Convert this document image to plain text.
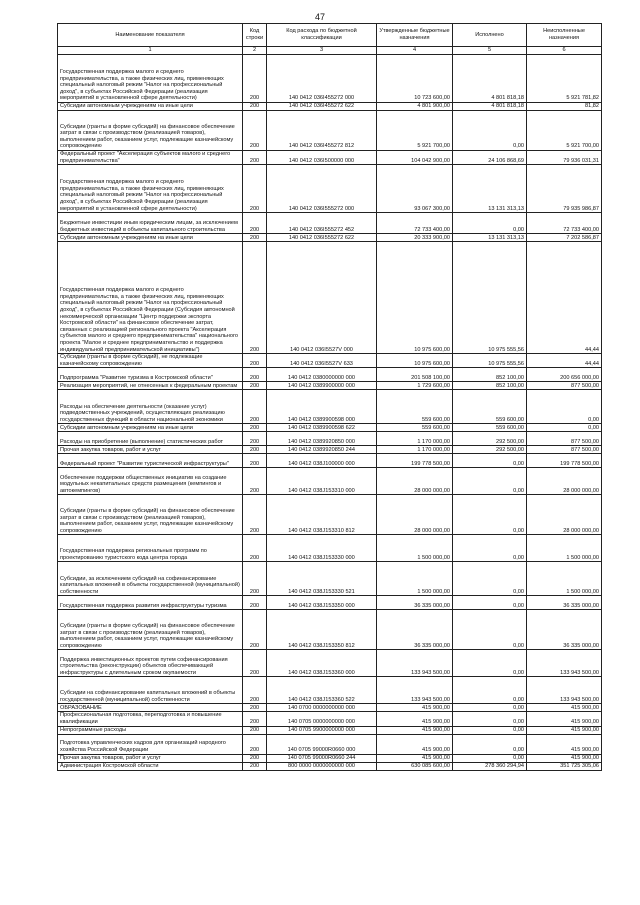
47
Наименование показателя	Код строки	Код расхода по бюджетной классификации	Утвержденные бюджетные назначения	Исполнено	Неисполненные назначения
1	2	3	4	5	6
Государственная поддержка малого и среднего предпринимательства, а также физических лиц, применяющих специальный налоговый режим "Налог на профессиональный доход", в субъектах Российской Федерации (реализация мероприятий в установленной сфере деятельности)	200	140 0412 036I455272 000	10 723 600,00	4 801 818,18	5 921 781,82
Субсидии автономным учреждениям на иные цели	200	140 0412 036I455272 622	4 801 900,00	4 801 818,18	81,82
Субсидии (гранты в форме субсидий) на финансовое обеспечение затрат в связи с производством (реализацией товаров), выполнением работ, оказанием услуг, подлежащие казначейскому сопровождению	200	140 0412 036I455272 812	5 921 700,00	0,00	5 921 700,00
Федеральный проект "Акселерация субъектов малого и среднего предпринимательства"	200	140 0412 036I500000 000	104 042 900,00	24 106 868,69	79 936 031,31
Государственная поддержка малого и среднего предпринимательства, а также физических лиц, применяющих специальный налоговый режим "Налог на профессиональный доход", в субъектах Российской Федерации (реализация мероприятий в установленной сфере деятельности)	200	140 0412 036I555272 000	93 067 300,00	13 131 313,13	79 935 986,87
Бюджетные инвестиции иным юридическим лицам, за исключением бюджетных инвестиций в объекты капитального строительства	200	140 0412 036I555272 452	72 733 400,00	0,00	72 733 400,00
Субсидии автономным учреждениям на иные цели	200	140 0412 036I555272 622	20 333 900,00	13 131 313,13	7 202 586,87
Государственная поддержка малого и среднего предпринимательства, а также физических лиц, применяющих специальный налоговый режим "Налог на профессиональный доход", в субъектах Российской Федерации (Субсидия автономной некоммерческой организации "Центр поддержки экспорта Костромской области" на финансовое обеспечение затрат, связанных с реализацией регионального проекта "Акселерация субъектов малого и среднего предпринимательства" национального проекта "Малое и среднее предпринимательство и поддержка индивидуальной предпринимательской инициативы")	200	140 0412 036I5527V 000	10 975 600,00	10 975 555,56	44,44
Субсидии (гранты в форме субсидий), не подлежащие казначейскому сопровождению	200	140 0412 036I5527V 633	10 975 600,00	10 975 555,56	44,44
Подпрограмма "Развитие туризма в Костромской области"	200	140 0412 0380000000 000	201 508 100,00	852 100,00	200 656 000,00
Реализация мероприятий, не отнесенных к федеральным проектам	200	140 0412 0389900000 000	1 729 600,00	852 100,00	877 500,00
Расходы на обеспечение деятельности (оказание услуг) подведомственных учреждений, осуществляющих реализацию государственных функций в области национальной экономики	200	140 0412 0389900598 000	559 600,00	559 600,00	0,00
Субсидии автономным учреждениям на иные цели	200	140 0412 0389900598 622	559 600,00	559 600,00	0,00
Расходы на приобретение (выполнение) статистических работ	200	140 0412 0389920850 000	1 170 000,00	292 500,00	877 500,00
Прочая закупка товаров, работ и услуг	200	140 0412 0389920850 244	1 170 000,00	292 500,00	877 500,00
Федеральный проект "Развитие туристической инфраструктуры"	200	140 0412 038J100000 000	199 778 500,00	0,00	199 778 500,00
Обеспечение поддержки общественных инициатив на создание модульных некапитальных средств размещения (кемпингов и автокемпингов)	200	140 0412 038J153310 000	28 000 000,00	0,00	28 000 000,00
Субсидии (гранты в форме субсидий) на финансовое обеспечение затрат в связи с производством (реализацией товаров), выполнением работ, оказанием услуг, подлежащие казначейскому сопровождению	200	140 0412 038J153310 812	28 000 000,00	0,00	28 000 000,00
Государственная поддержка региональных программ по проектированию туристского кода центра города	200	140 0412 038J153330 000	1 500 000,00	0,00	1 500 000,00
Субсидии, за исключением субсидий на софинансирование капитальных вложений в объекты государственной (муниципальной) собственности	200	140 0412 038J153330 521	1 500 000,00	0,00	1 500 000,00
Государственная поддержка развития инфраструктуры туризма	200	140 0412 038J153350 000	36 335 000,00	0,00	36 335 000,00
Субсидии (гранты в форме субсидий) на финансовое обеспечение затрат в связи с производством (реализацией товаров), выполнением работ, оказанием услуг, подлежащие казначейскому сопровождению	200	140 0412 038J153350 812	36 335 000,00	0,00	36 335 000,00
Поддержка инвестиционных проектов путем софинансирования строительства (реконструкции) объектов обеспечивающей инфраструктуры с длительным сроком окупаемости	200	140 0412 038J153360 000	133 943 500,00	0,00	133 943 500,00
Субсидии на софинансирование капитальных вложений в объекты государственной (муниципальной) собственности	200	140 0412 038J153360 522	133 943 500,00	0,00	133 943 500,00
ОБРАЗОВАНИЕ	200	140 0700 0000000000 000	415 900,00	0,00	415 900,00
Профессиональная подготовка, переподготовка и повышение квалификации	200	140 0705 0000000000 000	415 900,00	0,00	415 900,00
Непрограммные расходы	200	140 0705 9900000000 000	415 900,00	0,00	415 900,00
Подготовка управленческих кадров для организаций народного хозяйства Российской Федерации	200	140 0705 99000R0660 000	415 900,00	0,00	415 900,00
Прочая закупка товаров, работ и услуг	200	140 0705 99000R0660 244	415 900,00	0,00	415 900,00
Администрация Костромской области	200	800 0000 0000000000 000	630 085 600,00	278 360 294,94	351 725 305,06
